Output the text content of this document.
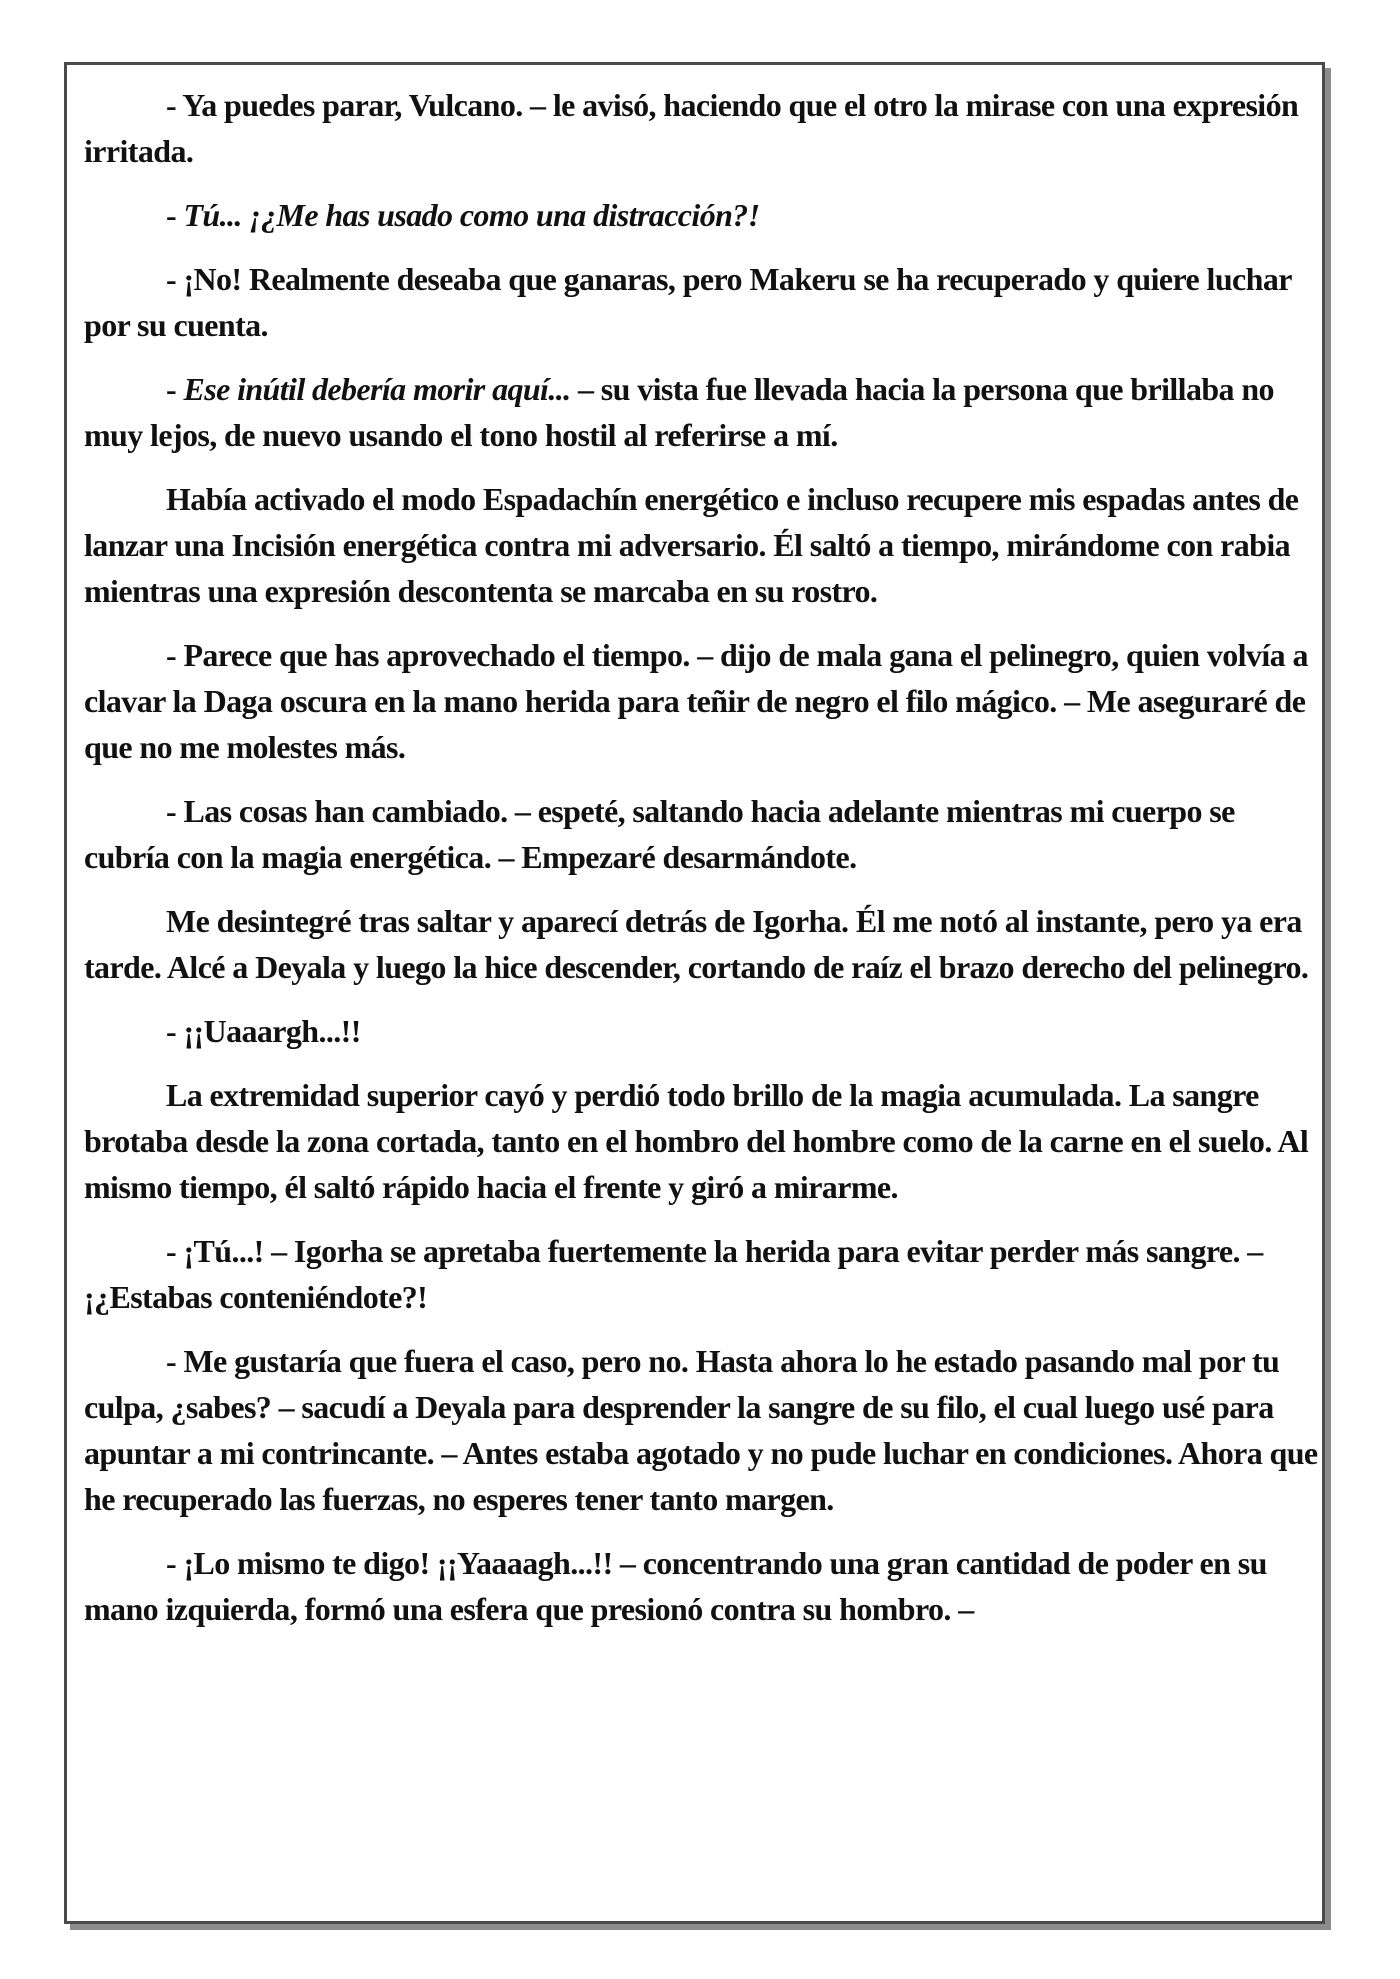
- Ya puedes parar, Vulcano. – le avisó, haciendo que el otro la mirase con una expresión irritada.

- Tú... ¡¿Me has usado como una distracción?!

- ¡No! Realmente deseaba que ganaras, pero Makeru se ha recuperado y quiere luchar por su cuenta.

- Ese inútil debería morir aquí... – su vista fue llevada hacia la persona que brillaba no muy lejos, de nuevo usando el tono hostil al referirse a mí.

Había activado el modo Espadachín energético e incluso recupere mis espadas antes de lanzar una Incisión energética contra mi adversario. Él saltó a tiempo, mirándome con rabia mientras una expresión descontenta se marcaba en su rostro.

- Parece que has aprovechado el tiempo. – dijo de mala gana el pelinegro, quien volvía a clavar la Daga oscura en la mano herida para teñir de negro el filo mágico. – Me aseguraré de que no me molestes más.

- Las cosas han cambiado. – espeté, saltando hacia adelante mientras mi cuerpo se cubría con la magia energética. – Empezaré desarmándote.

Me desintegré tras saltar y aparecí detrás de Igorha. Él me notó al instante, pero ya era tarde. Alcé a Deyala y luego la hice descender, cortando de raíz el brazo derecho del pelinegro.

- ¡¡Uaaargh...!!

La extremidad superior cayó y perdió todo brillo de la magia acumulada. La sangre brotaba desde la zona cortada, tanto en el hombro del hombre como de la carne en el suelo. Al mismo tiempo, él saltó rápido hacia el frente y giró a mirarme.

- ¡Tú...! – Igorha se apretaba fuertemente la herida para evitar perder más sangre. – ¡¿Estabas conteniéndote?!

- Me gustaría que fuera el caso, pero no. Hasta ahora lo he estado pasando mal por tu culpa, ¿sabes? – sacudí a Deyala para desprender la sangre de su filo, el cual luego usé para apuntar a mi contrincante. – Antes estaba agotado y no pude luchar en condiciones. Ahora que he recuperado las fuerzas, no esperes tener tanto margen.

- ¡Lo mismo te digo! ¡¡Yaaaagh...!! – concentrando una gran cantidad de poder en su mano izquierda, formó una esfera que presionó contra su hombro. –
